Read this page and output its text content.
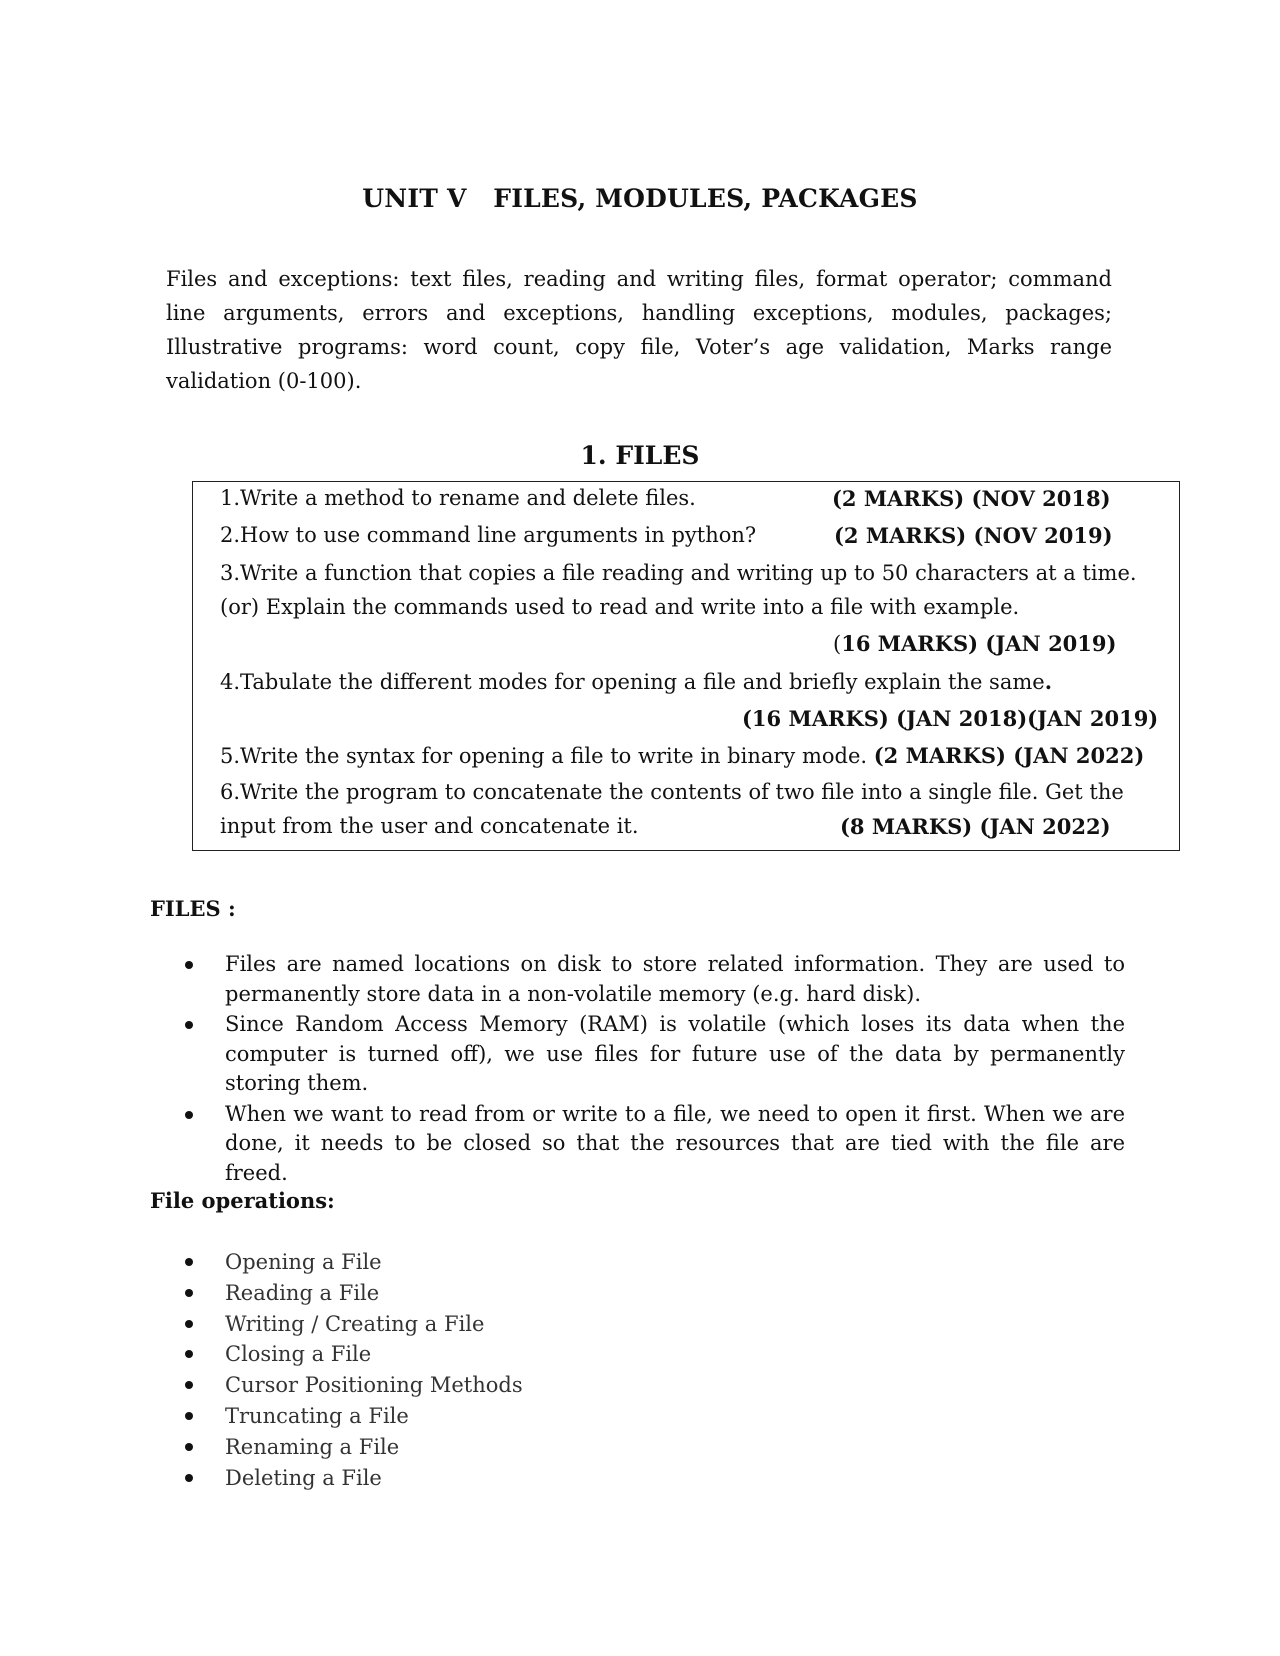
UNIT V   FILES, MODULES, PACKAGES
Files and exceptions: text files, reading and writing files, format operator; command line arguments, errors and exceptions, handling exceptions, modules, packages; Illustrative programs: word count, copy file, Voter’s age validation, Marks range validation (0-100).
1. FILES
1.Write a method to rename and delete files.	(2 MARKS) (NOV 2018)
2.How to use command line arguments in python?	(2 MARKS) (NOV 2019)
3.Write a function that copies a file reading and writing up to 50 characters at a time.
(or) Explain the commands used to read and write into a file with example.
(16 MARKS) (JAN 2019)
4.Tabulate the different modes for opening a file and briefly explain the same.
(16 MARKS) (JAN 2018)(JAN 2019)
5.Write the syntax for opening a file to write in binary mode. (2 MARKS) (JAN 2022)
6.Write the program to concatenate the contents of two file into a single file. Get the
input from the user and concatenate it.	(8 MARKS) (JAN 2022)
FILES :
Files are named locations on disk to store related information. They are used to permanently store data in a non-volatile memory (e.g. hard disk).
Since Random Access Memory (RAM) is volatile (which loses its data when the computer is turned off), we use files for future use of the data by permanently storing them.
When we want to read from or write to a file, we need to open it first. When we are done, it needs to be closed so that the resources that are tied with the file are freed.
File operations:
Opening a File
Reading a File
Writing / Creating a File
Closing a File
Cursor Positioning Methods
Truncating a File
Renaming a File
Deleting a File
